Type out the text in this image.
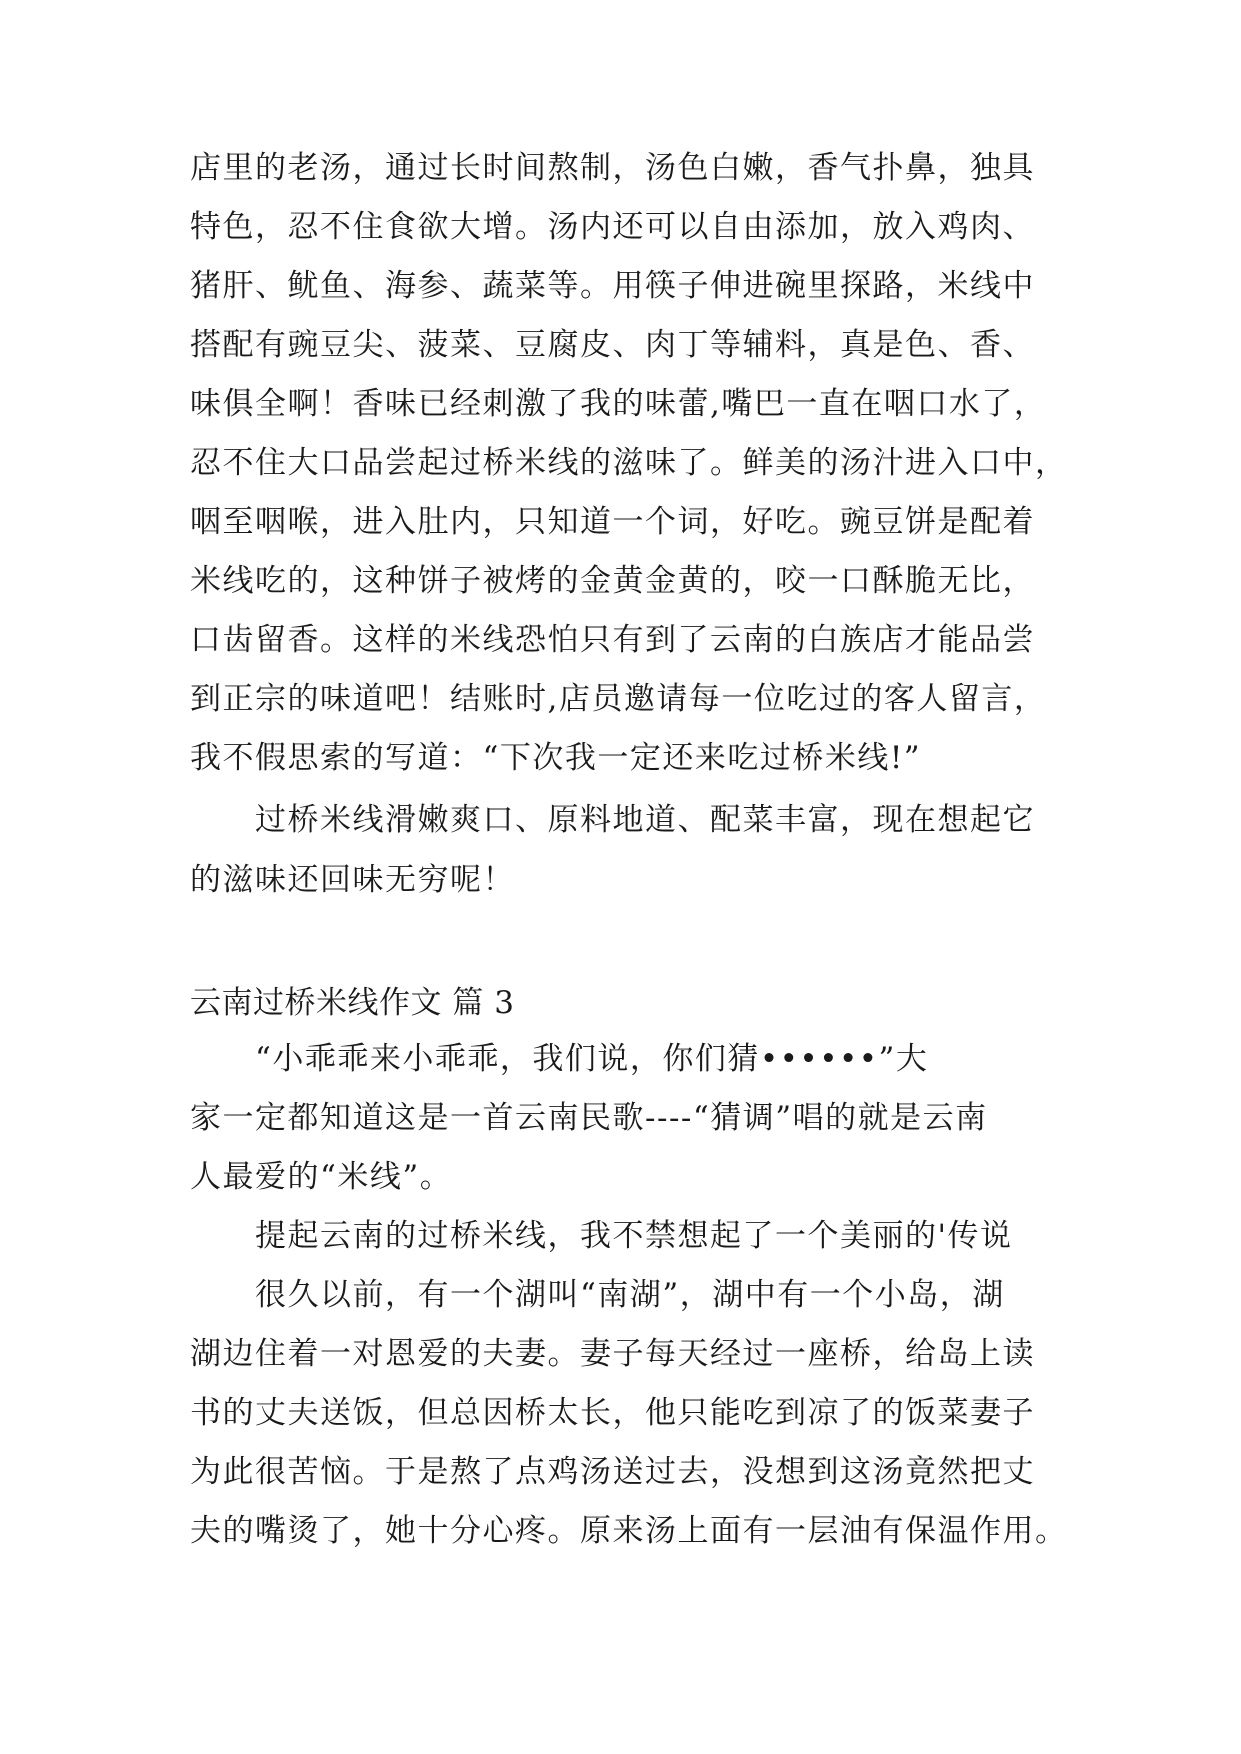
店里的老汤，通过长时间熬制，汤色白嫩，香气扑鼻，独具
特色，忍不住食欲大增。汤内还可以自由添加，放入鸡肉、
猪肝、鱿鱼、海参、蔬菜等。用筷子伸进碗里探路，米线中
搭配有豌豆尖、菠菜、豆腐皮、肉丁等辅料，真是色、香、
味俱全啊！香味已经刺激了我的味蕾,嘴巴一直在咽口水了，
忍不住大口品尝起过桥米线的滋味了。鲜美的汤汁进入口中，
咽至咽喉，进入肚内，只知道一个词，好吃。豌豆饼是配着
米线吃的，这种饼子被烤的金黄金黄的，咬一口酥脆无比，
口齿留香。这样的米线恐怕只有到了云南的白族店才能品尝
到正宗的味道吧！结账时,店员邀请每一位吃过的客人留言，
我不假思索的写道：“下次我一定还来吃过桥米线!”
　　过桥米线滑嫩爽口、原料地道、配菜丰富，现在想起它
的滋味还回味无穷呢！
云南过桥米线作文 篇 3
　　“小乖乖来小乖乖，我们说，你们猜••••••”大
家一定都知道这是一首云南民歌----“猜调”唱的就是云南
人最爱的“米线”。
　　提起云南的过桥米线，我不禁想起了一个美丽的'传说
　　很久以前，有一个湖叫“南湖”，湖中有一个小岛，湖
湖边住着一对恩爱的夫妻。妻子每天经过一座桥，给岛上读
书的丈夫送饭，但总因桥太长，他只能吃到凉了的饭菜妻子
为此很苦恼。于是熬了点鸡汤送过去，没想到这汤竟然把丈
夫的嘴烫了，她十分心疼。原来汤上面有一层油有保温作用。
